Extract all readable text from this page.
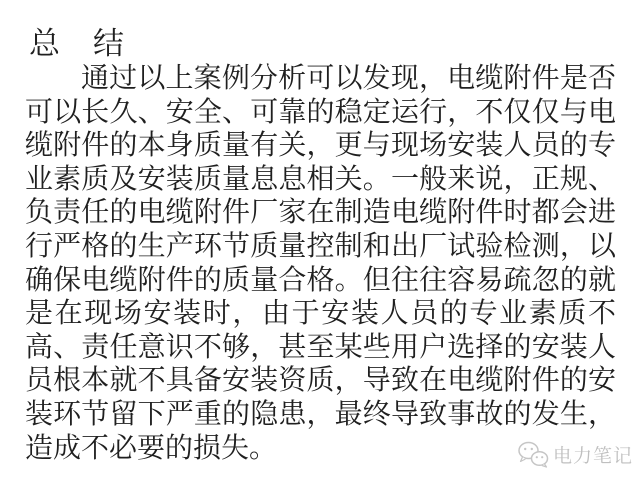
总　结

通过以上案例分析可以发现，电缆附件是否可以长久、安全、可靠的稳定运行，不仅仅与电缆附件的本身质量有关，更与现场安装人员的专业素质及安装质量息息相关。一般来说，正规、负责任的电缆附件厂家在制造电缆附件时都会进行严格的生产环节质量控制和出厂试验检测，以确保电缆附件的质量合格。但往往容易疏忽的就是在现场安装时，由于安装人员的专业素质不高、责任意识不够，甚至某些用户选择的安装人员根本就不具备安装资质，导致在电缆附件的安装环节留下严重的隐患，最终导致事故的发生，造成不必要的损失。	电力笔记
